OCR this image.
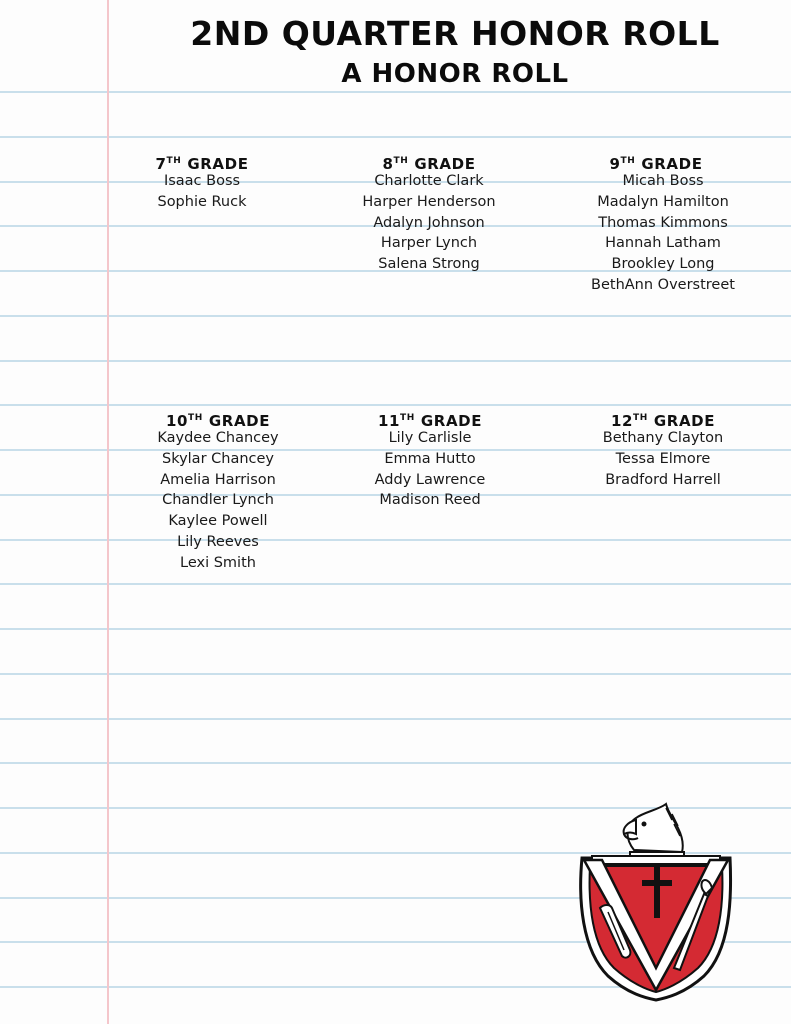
2ND QUARTER HONOR ROLL
A HONOR ROLL
7TH GRADE
Isaac Boss
Sophie Ruck
8TH GRADE
Charlotte Clark
Harper Henderson
Adalyn Johnson
Harper Lynch
Salena Strong
9TH GRADE
Micah Boss
Madalyn Hamilton
Thomas Kimmons
Hannah Latham
Brookley Long
BethAnn Overstreet
10TH GRADE
Kaydee Chancey
Skylar Chancey
Amelia Harrison
Chandler Lynch
Kaylee Powell
Lily Reeves
Lexi Smith
11TH GRADE
Lily Carlisle
Emma Hutto
Addy Lawrence
Madison Reed
12TH GRADE
Bethany Clayton
Tessa Elmore
Bradford Harrell
